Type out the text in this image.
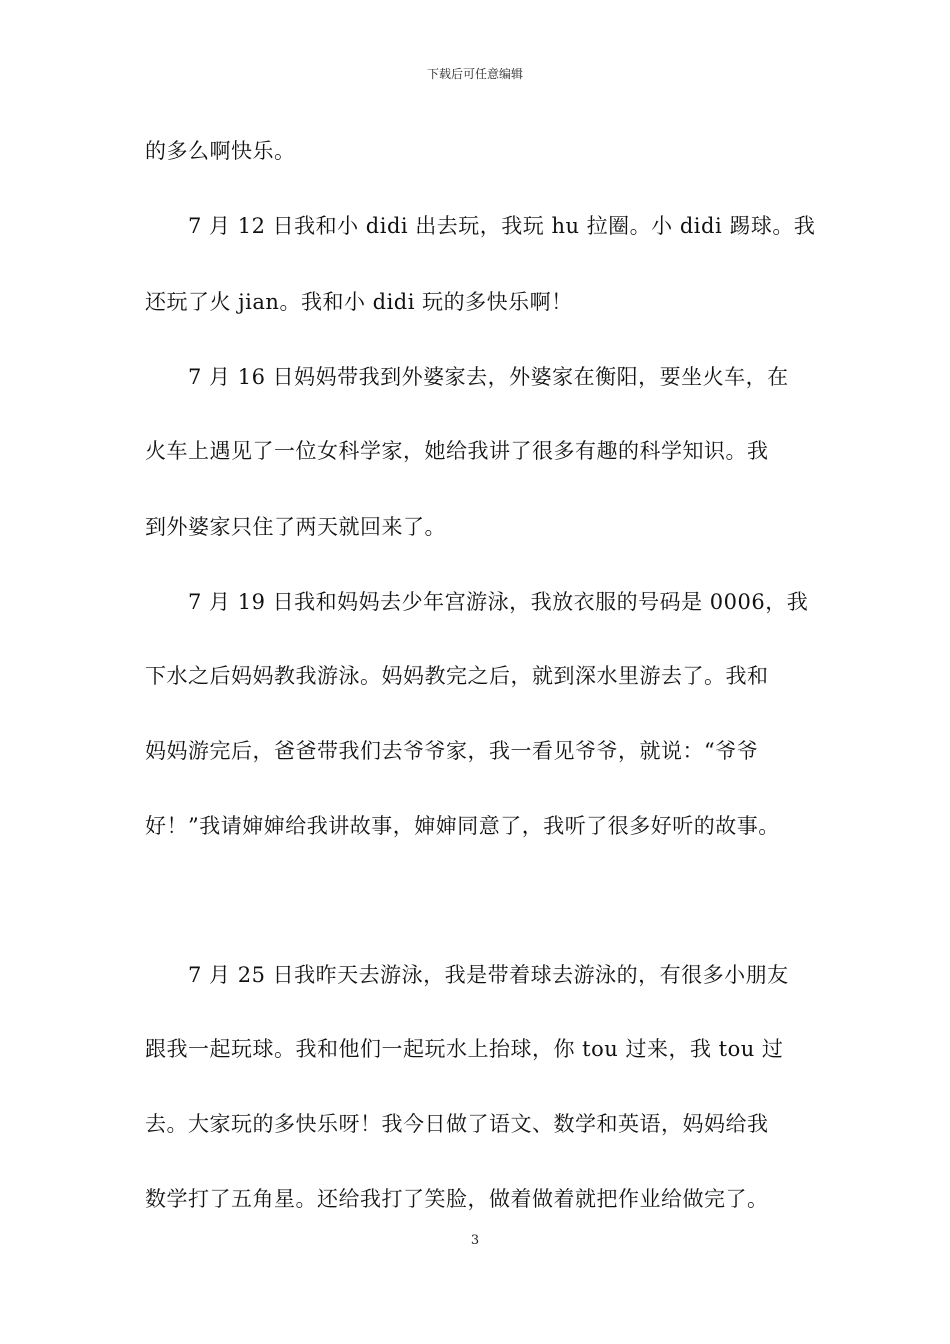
下载后可任意编辑
的多么啊快乐。
7 月 12 日我和小 didi 出去玩，我玩 hu 拉圈。小 didi 踢球。我
还玩了火 jian。我和小 didi 玩的多快乐啊！
7 月 16 日妈妈带我到外婆家去，外婆家在衡阳，要坐火车，在
火车上遇见了一位女科学家，她给我讲了很多有趣的科学知识。我
到外婆家只住了两天就回来了。
7 月 19 日我和妈妈去少年宫游泳，我放衣服的号码是 0006，我
下水之后妈妈教我游泳。妈妈教完之后，就到深水里游去了。我和
妈妈游完后，爸爸带我们去爷爷家，我一看见爷爷，就说：“爷爷
好！”我请婶婶给我讲故事，婶婶同意了，我听了很多好听的故事。
7 月 25 日我昨天去游泳，我是带着球去游泳的，有很多小朋友
跟我一起玩球。我和他们一起玩水上抬球，你 tou 过来，我 tou 过
去。大家玩的多快乐呀！我今日做了语文、数学和英语，妈妈给我
数学打了五角星。还给我打了笑脸，做着做着就把作业给做完了。
3
